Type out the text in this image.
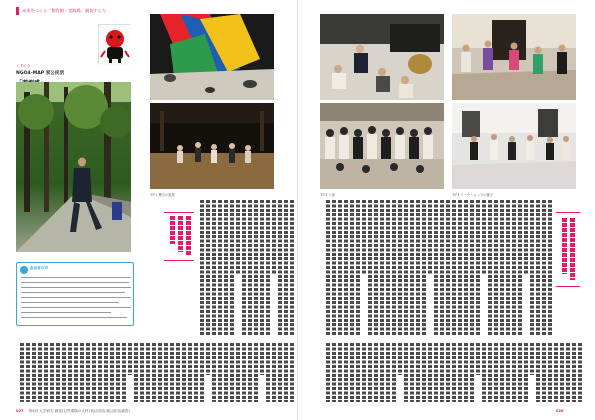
未来をつくる「創作拠・実践場」調査する力
くすのき
NGO4-MAP 家公民活
参加者の声
©F1 稽古の風景	©F2 公演	©F3 ワークショップの様子
027 第4回 大学研究 調査(自然環境の人材) 稲山拓也(稲山拓也調査)	028
